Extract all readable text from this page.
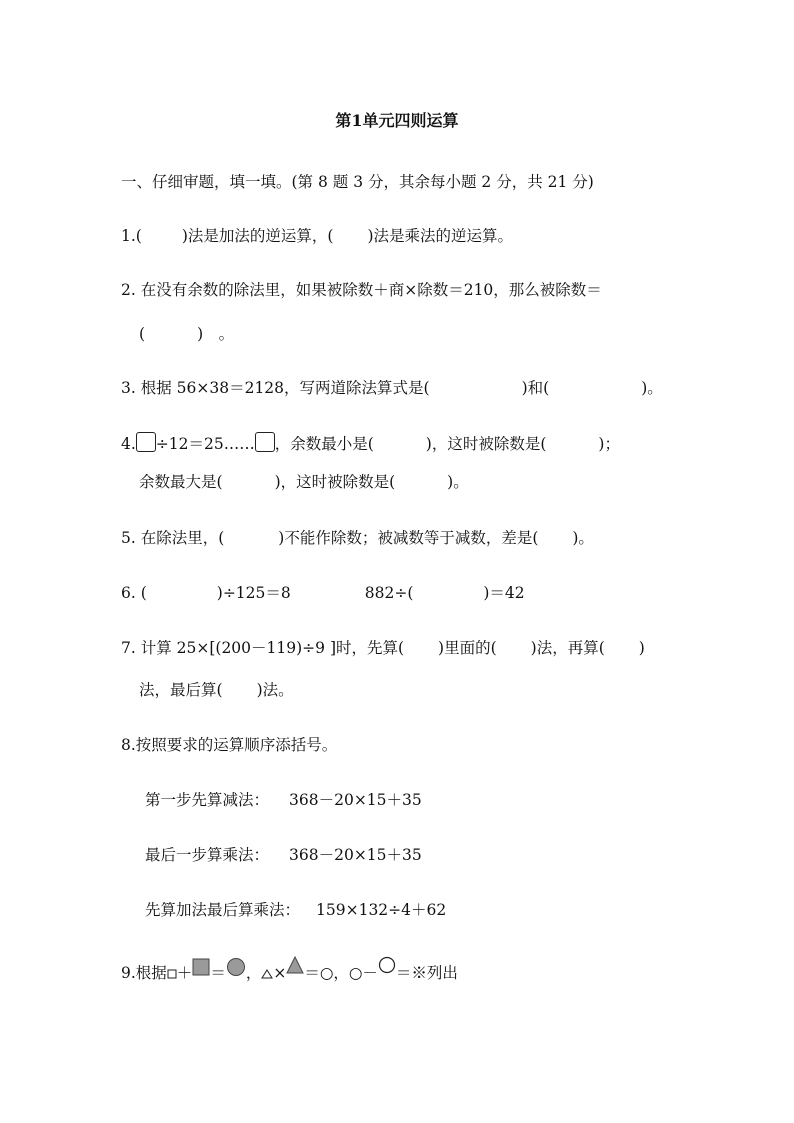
第1单元四则运算
一、仔细审题，填一填。(第 8 题 3 分，其余每小题 2 分，共 21 分)
1.(	)法是加法的逆运算，( )法是乘法的逆运算。
2. 在没有余数的除法里，如果被除数＋商×除数＝210，那么被除数＝
(	)　。
3. 根据 56×38＝2128，写两道除法算式是(	)和(	)。
4. ÷12＝25…… ，余数最小是(	)，这时被除数是(	)；
余数最大是(	)，这时被除数是(	)。
5. 在除法里，(	)不能作除数；被减数等于减数，差是( )。
6. (	)÷125＝8	882÷(	)＝42
7. 计算 25×[(200－119)÷9 ]时，先算( )里面的( )法，再算( )
法，最后算( )法。
8.按照要求的运算顺序添括号。
第一步先算减法： 368－20×15＋35
最后一步算乘法： 368－20×15＋35
先算加法最后算乘法： 159×132÷4＋62
9.根据 ＋ ＝ ， × ＝○，○－ ＝※列出
